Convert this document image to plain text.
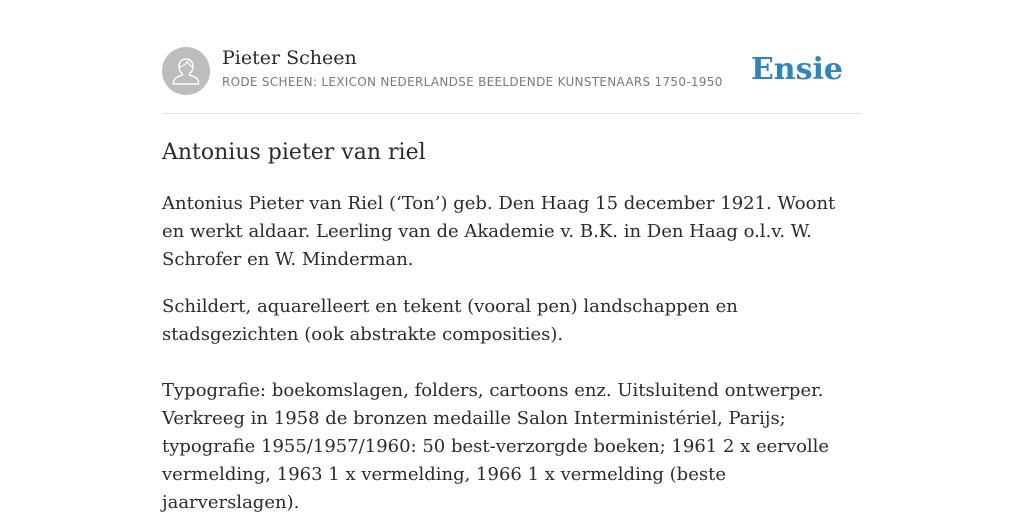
Pieter Scheen
RODE SCHEEN: LEXICON NEDERLANDSE BEELDENDE KUNSTENAARS 1750-1950 Ensie
Antonius pieter van riel

Antonius Pieter van Riel (‘Ton’) geb. Den Haag 15 december 1921. Woont en werkt aldaar. Leerling van de Akademie v. B.K. in Den Haag o.l.v. W. Schrofer en W. Minderman.

Schildert, aquarelleert en tekent (vooral pen) landschappen en stadsgezichten (ook abstrakte composities).

Typografie: boekomslagen, folders, cartoons enz. Uitsluitend ontwerper. Verkreeg in 1958 de bronzen medaille Salon Interministériel, Parijs; typografie 1955/1957/1960: 50 best-verzorgde boeken; 1961 2 x eervolle vermelding, 1963 1 x vermelding, 1966 1 x vermelding (beste jaarverslagen).
